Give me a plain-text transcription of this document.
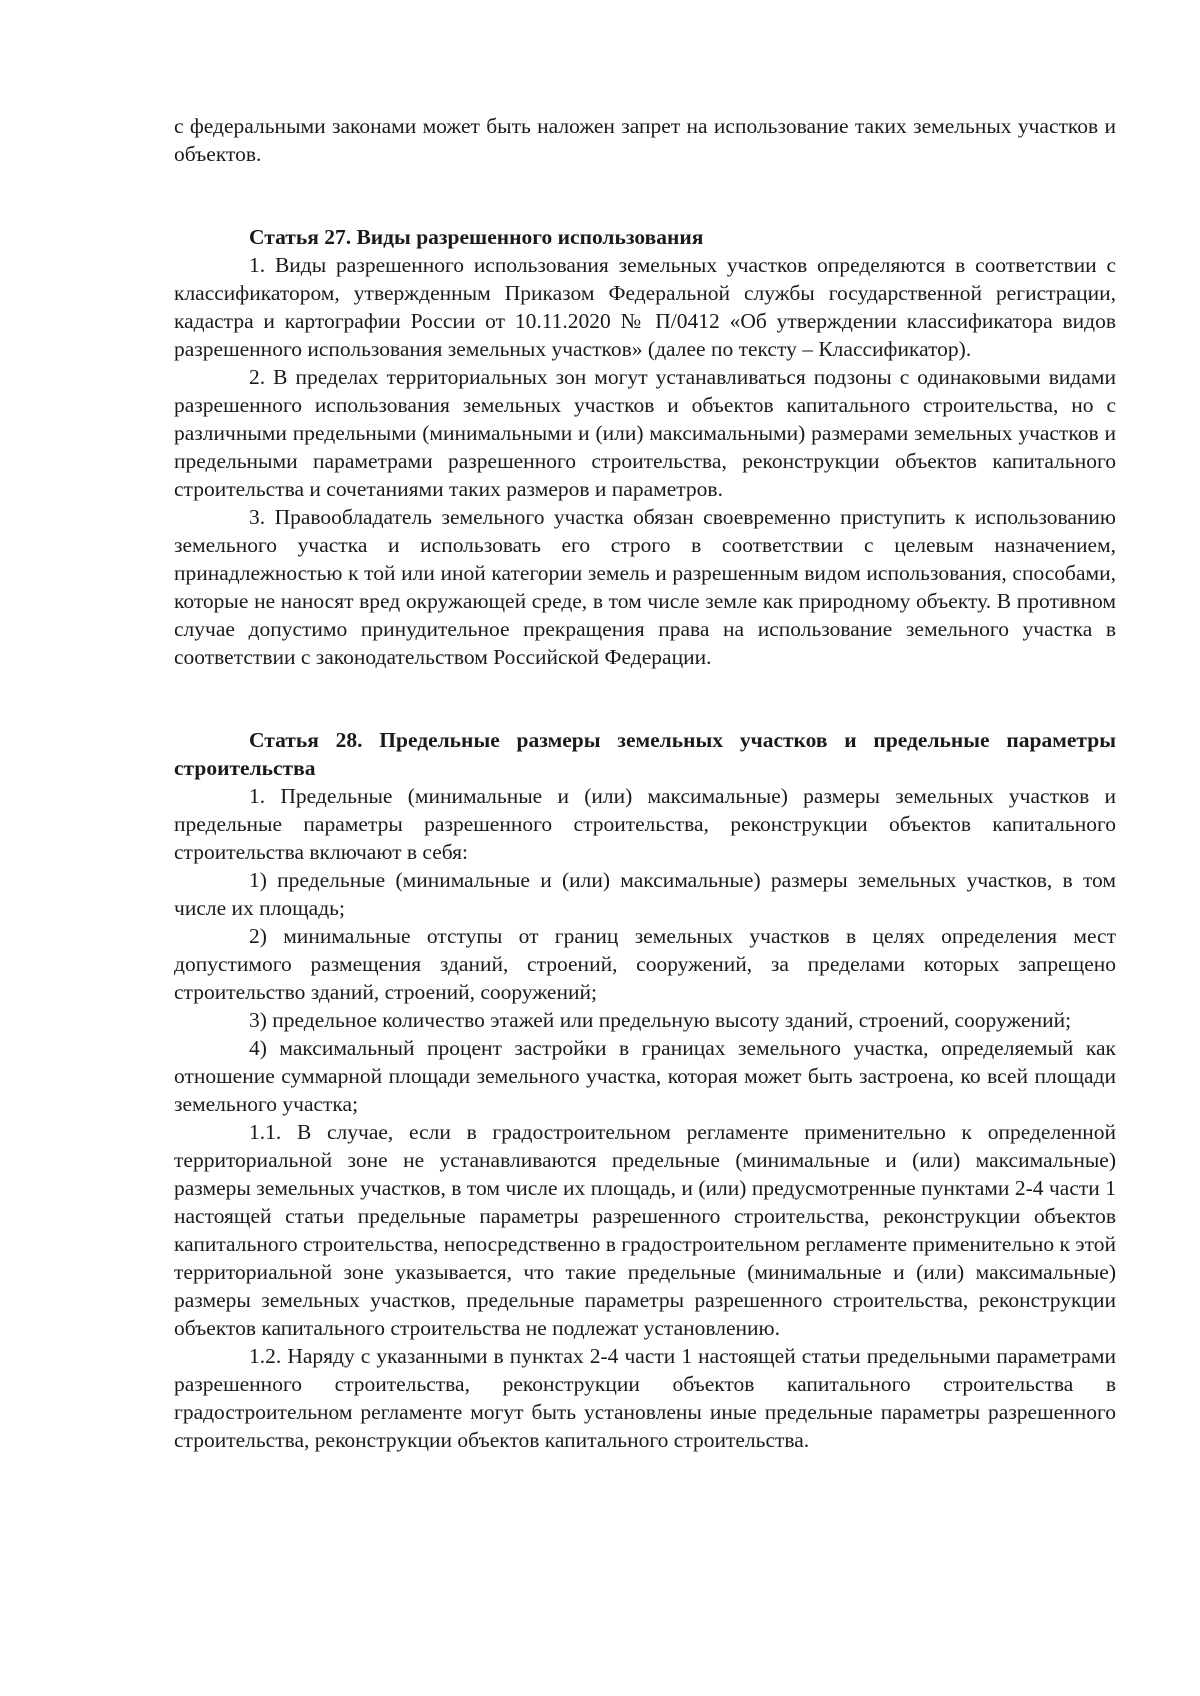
с федеральными законами может быть наложен запрет на использование таких земельных участков и объектов.

Статья 27. Виды разрешенного использования

1. Виды разрешенного использования земельных участков определяются в соответствии с классификатором, утвержденным Приказом Федеральной службы государственной регистрации, кадастра и картографии России от 10.11.2020 № П/0412 «Об утверждении классификатора видов разрешенного использования земельных участков» (далее по тексту – Классификатор).

2. В пределах территориальных зон могут устанавливаться подзоны с одинаковыми видами разрешенного использования земельных участков и объектов капитального строительства, но с различными предельными (минимальными и (или) максимальными) размерами земельных участков и предельными параметрами разрешенного строительства, реконструкции объектов капитального строительства и сочетаниями таких размеров и параметров.

3. Правообладатель земельного участка обязан своевременно приступить к использованию земельного участка и использовать его строго в соответствии с целевым назначением, принадлежностью к той или иной категории земель и разрешенным видом использования, способами, которые не наносят вред окружающей среде, в том числе земле как природному объекту. В противном случае допустимо принудительное прекращения права на использование земельного участка в соответствии с законодательством Российской Федерации.

Статья 28. Предельные размеры земельных участков и предельные параметры строительства

1. Предельные (минимальные и (или) максимальные) размеры земельных участков и предельные параметры разрешенного строительства, реконструкции объектов капитального строительства включают в себя:

1) предельные (минимальные и (или) максимальные) размеры земельных участков, в том числе их площадь;

2) минимальные отступы от границ земельных участков в целях определения мест допустимого размещения зданий, строений, сооружений, за пределами которых запрещено строительство зданий, строений, сооружений;

3) предельное количество этажей или предельную высоту зданий, строений, сооружений;

4) максимальный процент застройки в границах земельного участка, определяемый как отношение суммарной площади земельного участка, которая может быть застроена, ко всей площади земельного участка;

1.1. В случае, если в градостроительном регламенте применительно к определенной территориальной зоне не устанавливаются предельные (минимальные и (или) максимальные) размеры земельных участков, в том числе их площадь, и (или) предусмотренные пунктами 2-4 части 1 настоящей статьи предельные параметры разрешенного строительства, реконструкции объектов капитального строительства, непосредственно в градостроительном регламенте применительно к этой территориальной зоне указывается, что такие предельные (минимальные и (или) максимальные) размеры земельных участков, предельные параметры разрешенного строительства, реконструкции объектов капитального строительства не подлежат установлению.

1.2. Наряду с указанными в пунктах 2-4 части 1 настоящей статьи предельными параметрами разрешенного строительства, реконструкции объектов капитального строительства в градостроительном регламенте могут быть установлены иные предельные параметры разрешенного строительства, реконструкции объектов капитального строительства.
